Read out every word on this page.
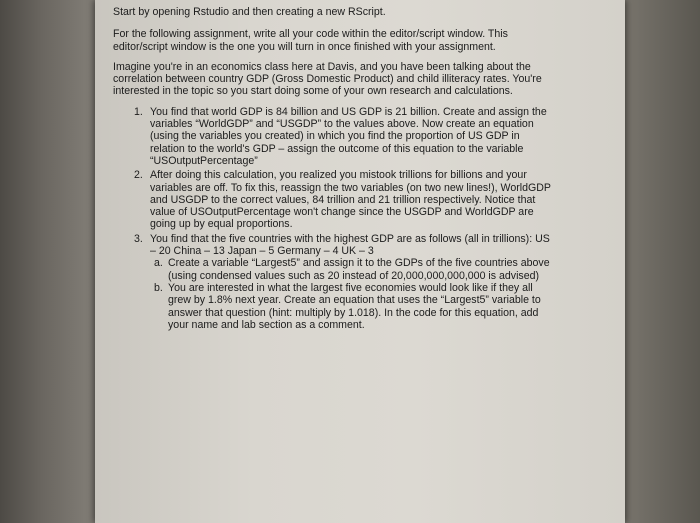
Start by opening Rstudio and then creating a new RScript.

For the following assignment, write all your code within the editor/script window. This editor/script window is the one you will turn in once finished with your assignment.

Imagine you're in an economics class here at Davis, and you have been talking about the correlation between country GDP (Gross Domestic Product) and child illiteracy rates. You're interested in the topic so you start doing some of your own research and calculations.

1. You find that world GDP is 84 billion and US GDP is 21 billion. Create and assign the variables “WorldGDP” and “USGDP” to the values above. Now create an equation (using the variables you created) in which you find the proportion of US GDP in relation to the world's GDP – assign the outcome of this equation to the variable “USOutputPercentage”
2. After doing this calculation, you realized you mistook trillions for billions and your variables are off. To fix this, reassign the two variables (on two new lines!), WorldGDP and USGDP to the correct values, 84 trillion and 21 trillion respectively. Notice that value of USOutputPercentage won't change since the USGDP and WorldGDP are going up by equal proportions.
3. You find that the five countries with the highest GDP are as follows (all in trillions): US – 20 China – 13 Japan – 5 Germany – 4 UK – 3
a. Create a variable “Largest5” and assign it to the GDPs of the five countries above (using condensed values such as 20 instead of 20,000,000,000,000 is advised)
b. You are interested in what the largest five economies would look like if they all grew by 1.8% next year. Create an equation that uses the “Largest5” variable to answer that question (hint: multiply by 1.018). In the code for this equation, add your name and lab section as a comment.
